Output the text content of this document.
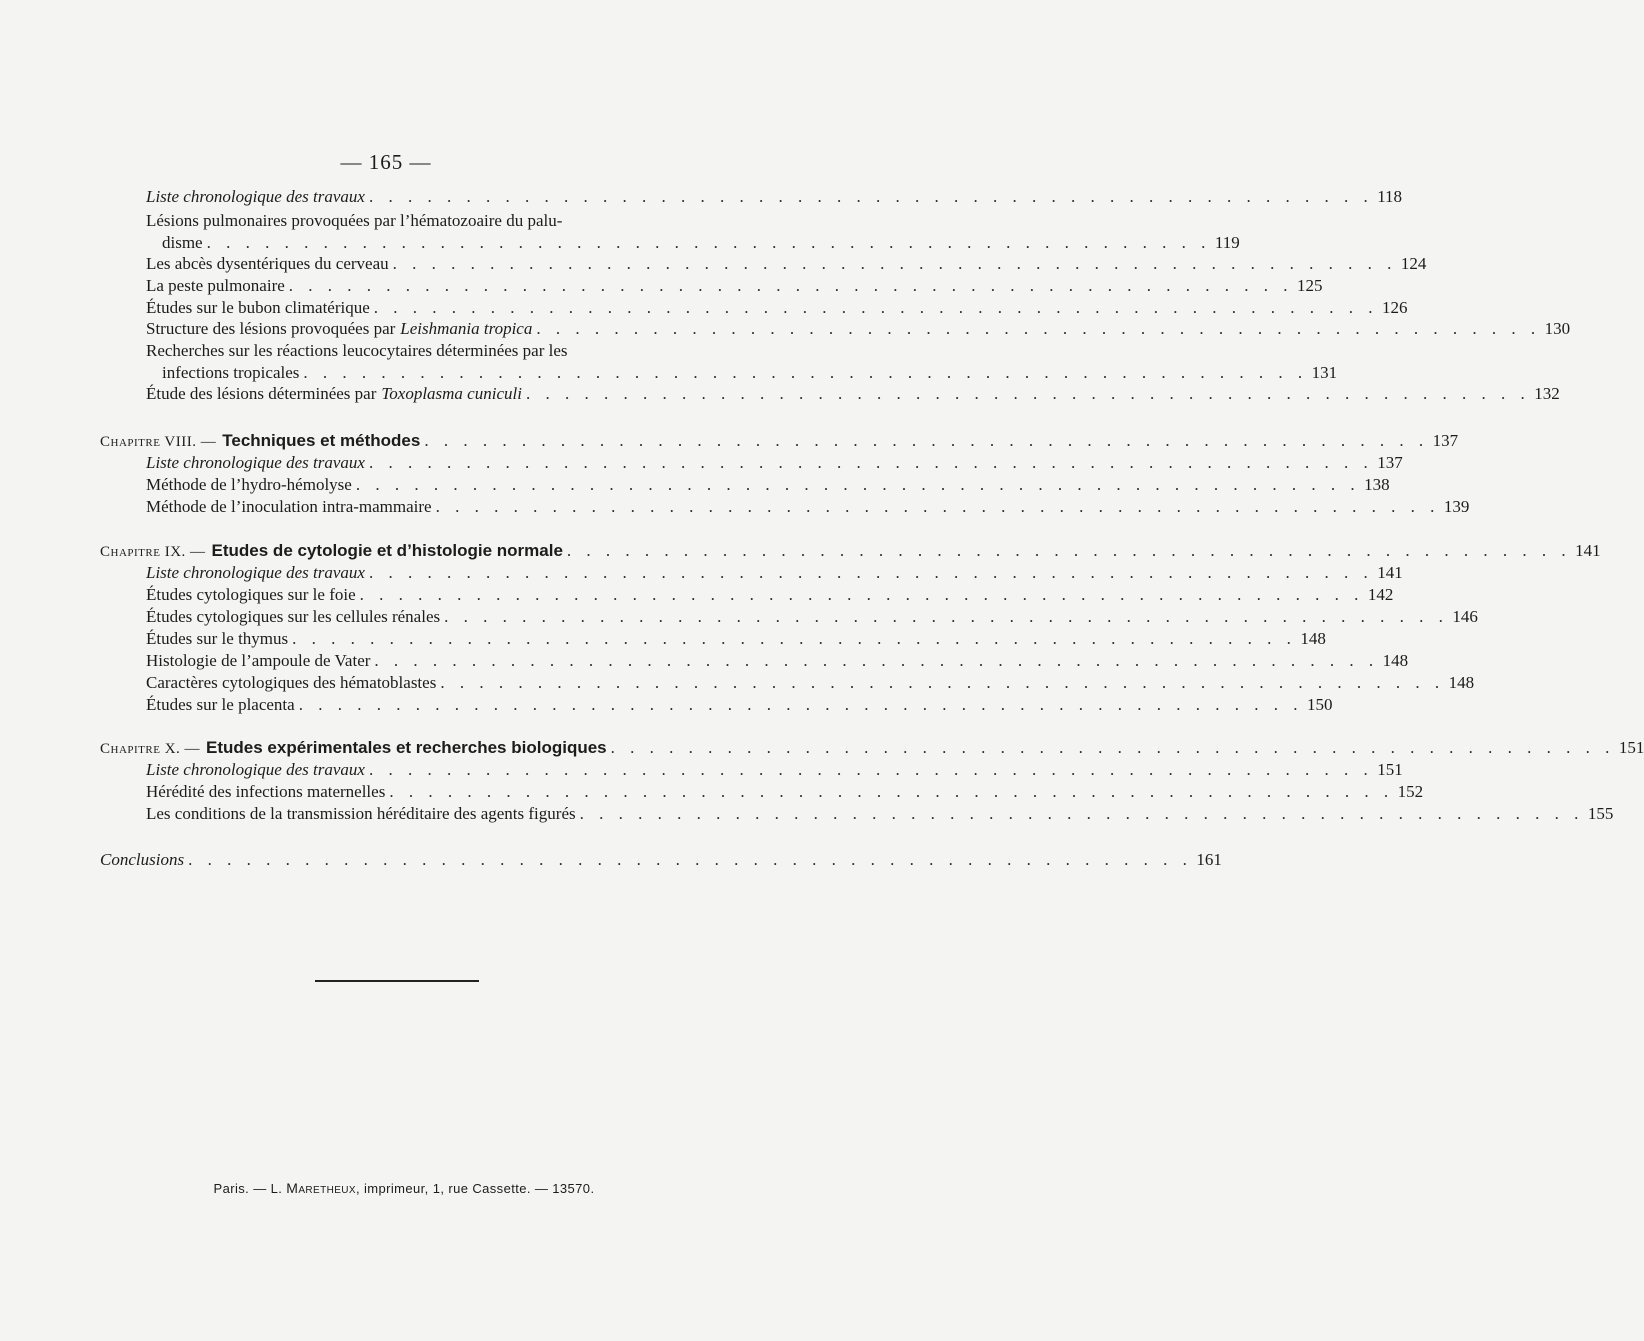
— 165 —
Liste chronologique des travaux . . . . . . . . . . . . . . . . . . . . . . . . . . . . . . . . . . . . . . . . . . . . . . . . . . . . 118
Lésions pulmonaires provoquées par l’hématozoaire du palu-
disme . . . . . . . . . . . . . . . . . . . . . . . . . . . . . . . . . . . . . . . . . . . . . . . . . . . . 119
Les abcès dysentériques du cerveau . . . . . . . . . . . . . . . . . . . . . . . . . . . . . . . . . . . . . . . . . . . . . . . . . . . . 124
La peste pulmonaire . . . . . . . . . . . . . . . . . . . . . . . . . . . . . . . . . . . . . . . . . . . . . . . . . . . . 125
Études sur le bubon climatérique . . . . . . . . . . . . . . . . . . . . . . . . . . . . . . . . . . . . . . . . . . . . . . . . . . . . 126
Structure des lésions provoquées par Leishmania tropica . . . . . . . . . . . . . . . . . . . . . . . . . . . . . . . . . . . . . . . . . . . . . . . . . . . . 130
Recherches sur les réactions leucocytaires déterminées par les
infections tropicales . . . . . . . . . . . . . . . . . . . . . . . . . . . . . . . . . . . . . . . . . . . . . . . . . . . . 131
Étude des lésions déterminées par Toxoplasma cuniculi . . . . . . . . . . . . . . . . . . . . . . . . . . . . . . . . . . . . . . . . . . . . . . . . . . . . 132
Chapitre VIII. — Techniques et méthodes . . . . . . . . . . . . . . . . . . . . . . . . . . . . . . . . . . . . . . . . . . . . . . . . . . . . 137
Liste chronologique des travaux . . . . . . . . . . . . . . . . . . . . . . . . . . . . . . . . . . . . . . . . . . . . . . . . . . . . 137
Méthode de l’hydro-hémolyse . . . . . . . . . . . . . . . . . . . . . . . . . . . . . . . . . . . . . . . . . . . . . . . . . . . . 138
Méthode de l’inoculation intra-mammaire . . . . . . . . . . . . . . . . . . . . . . . . . . . . . . . . . . . . . . . . . . . . . . . . . . . . 139
Chapitre IX. — Etudes de cytologie et d’histologie normale . . . . . . . . . . . . . . . . . . . . . . . . . . . . . . . . . . . . . . . . . . . . . . . . . . . . 141
Liste chronologique des travaux . . . . . . . . . . . . . . . . . . . . . . . . . . . . . . . . . . . . . . . . . . . . . . . . . . . . 141
Études cytologiques sur le foie . . . . . . . . . . . . . . . . . . . . . . . . . . . . . . . . . . . . . . . . . . . . . . . . . . . . 142
Études cytologiques sur les cellules rénales . . . . . . . . . . . . . . . . . . . . . . . . . . . . . . . . . . . . . . . . . . . . . . . . . . . . 146
Études sur le thymus . . . . . . . . . . . . . . . . . . . . . . . . . . . . . . . . . . . . . . . . . . . . . . . . . . . . 148
Histologie de l’ampoule de Vater . . . . . . . . . . . . . . . . . . . . . . . . . . . . . . . . . . . . . . . . . . . . . . . . . . . . 148
Caractères cytologiques des hématoblastes . . . . . . . . . . . . . . . . . . . . . . . . . . . . . . . . . . . . . . . . . . . . . . . . . . . . 148
Études sur le placenta . . . . . . . . . . . . . . . . . . . . . . . . . . . . . . . . . . . . . . . . . . . . . . . . . . . . 150
Chapitre X. — Etudes expérimentales et recherches biologiques . . . . . . . . . . . . . . . . . . . . . . . . . . . . . . . . . . . . . . . . . . . . . . . . . . . . 151
Liste chronologique des travaux . . . . . . . . . . . . . . . . . . . . . . . . . . . . . . . . . . . . . . . . . . . . . . . . . . . . 151
Hérédité des infections maternelles . . . . . . . . . . . . . . . . . . . . . . . . . . . . . . . . . . . . . . . . . . . . . . . . . . . . 152
Les conditions de la transmission héréditaire des agents figurés . . . . . . . . . . . . . . . . . . . . . . . . . . . . . . . . . . . . . . . . . . . . . . . . . . . . 155
Conclusions . . . . . . . . . . . . . . . . . . . . . . . . . . . . . . . . . . . . . . . . . . . . . . . . . . . . 161
Paris. — L. Maretheux, imprimeur, 1, rue Cassette. — 13570.
